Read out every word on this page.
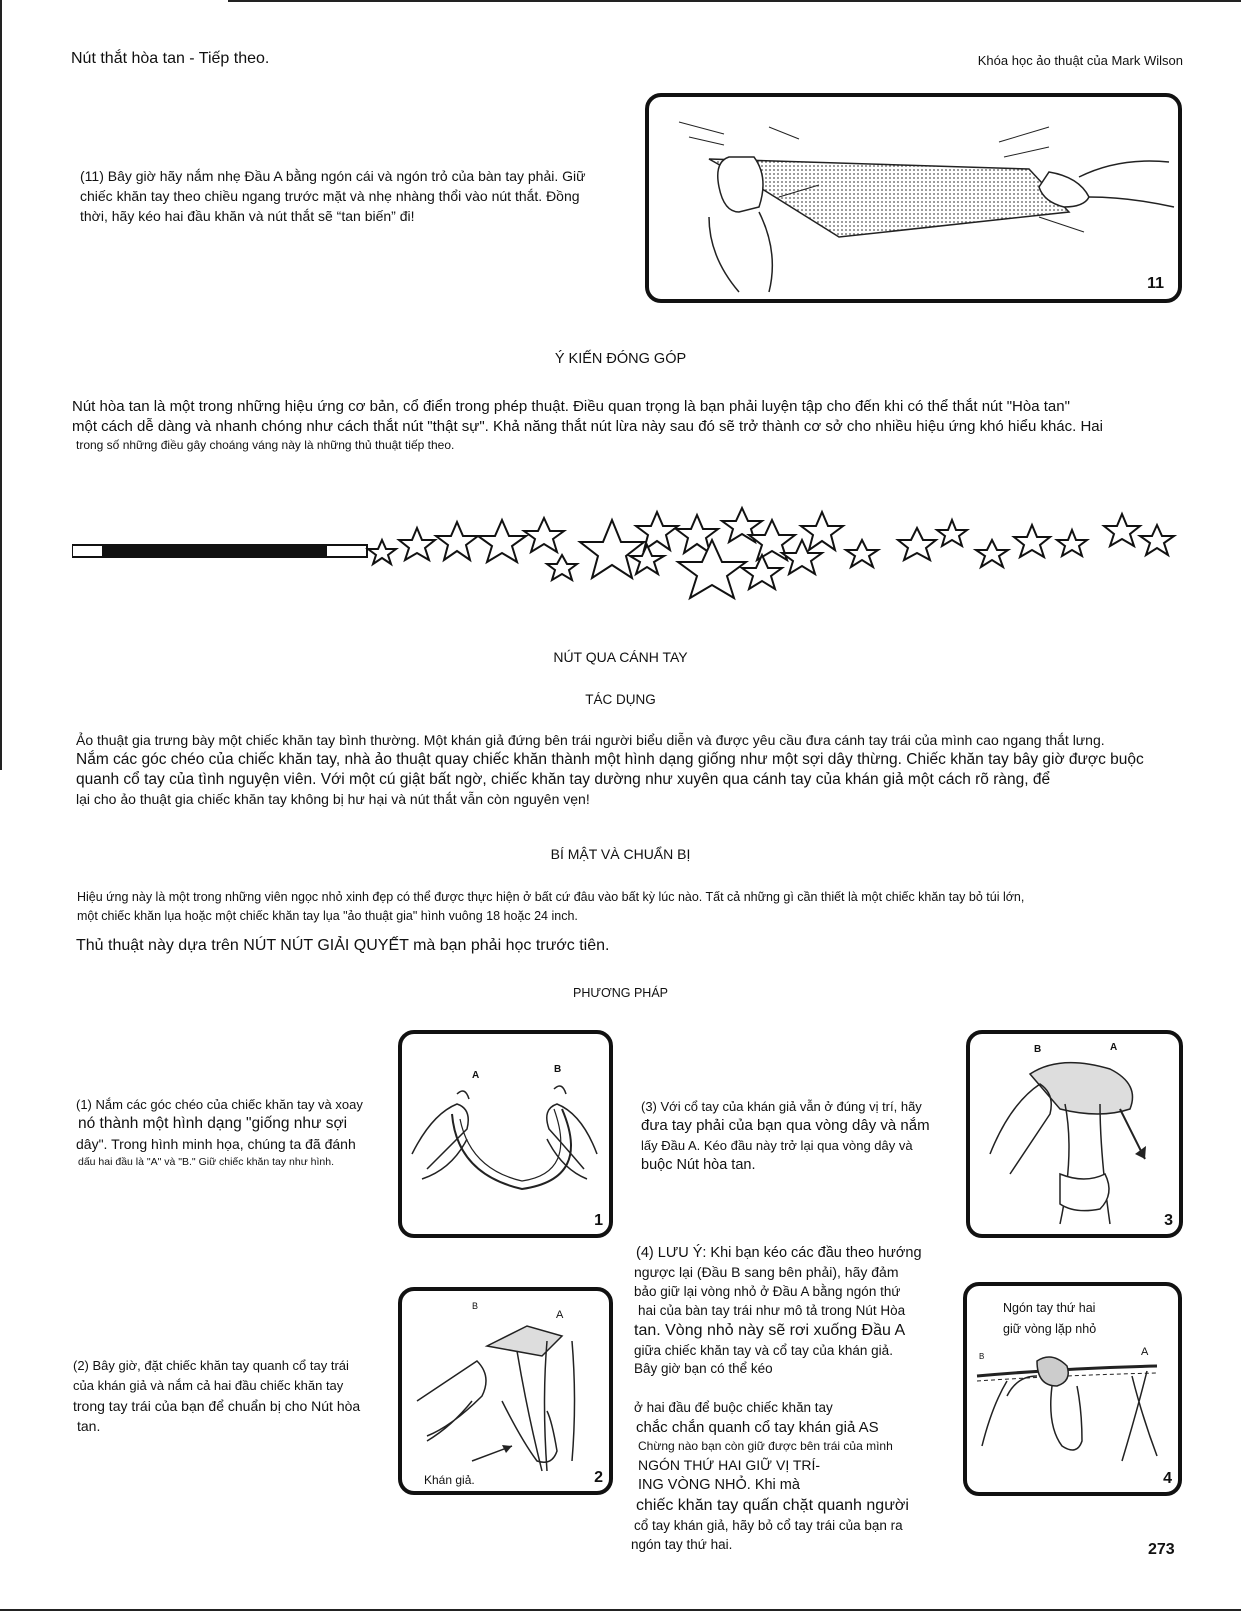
Nút thắt hòa tan - Tiếp theo.	Khóa học ảo thuật của Mark Wilson
(11) Bây giờ hãy nắm nhẹ Đầu A bằng ngón cái và ngón trỏ của bàn tay phải. Giữ chiếc khăn tay theo chiều ngang trước mặt và nhẹ nhàng thổi vào nút thắt. Đồng thời, hãy kéo hai đầu khăn và nút thắt sẽ “tan biến” đi!
11
Ý KIẾN ĐÓNG GÓP
Nút hòa tan là một trong những hiệu ứng cơ bản, cổ điển trong phép thuật. Điều quan trọng là bạn phải luyện tập cho đến khi có thể thắt nút "Hòa tan"
một cách dễ dàng và nhanh chóng như cách thắt nút "thật sự". Khả năng thắt nút lừa này sau đó sẽ trở thành cơ sở cho nhiều hiệu ứng khó hiểu khác. Hai
trong số những điều gây choáng váng này là những thủ thuật tiếp theo.
NÚT QUA CÁNH TAY
TÁC DỤNG
Ảo thuật gia trưng bày một chiếc khăn tay bình thường. Một khán giả đứng bên trái người biểu diễn và được yêu cầu đưa cánh tay trái của mình cao ngang thắt lưng.
Nắm các góc chéo của chiếc khăn tay, nhà ảo thuật quay chiếc khăn thành một hình dạng giống như một sợi dây thừng. Chiếc khăn tay bây giờ được buộc
quanh cổ tay của tình nguyện viên. Với một cú giật bất ngờ, chiếc khăn tay dường như xuyên qua cánh tay của khán giả một cách rõ ràng, để
lại cho ảo thuật gia chiếc khăn tay không bị hư hại và nút thắt vẫn còn nguyên vẹn!
BÍ MẬT VÀ CHUẨN BỊ
Hiệu ứng này là một trong những viên ngọc nhỏ xinh đẹp có thể được thực hiện ở bất cứ đâu vào bất kỳ lúc nào. Tất cả những gì cần thiết là một chiếc khăn tay bỏ túi lớn,
một chiếc khăn lụa hoặc một chiếc khăn tay lụa "ảo thuật gia" hình vuông 18 hoặc 24 inch.
Thủ thuật này dựa trên NÚT NÚT GIẢI QUYẾT mà bạn phải học trước tiên.
PHƯƠNG PHÁP
(1) Nắm các góc chéo của chiếc khăn tay và xoay
nó thành một hình dạng "giống như sợi
dây". Trong hình minh họa, chúng ta đã đánh
dấu hai đầu là "A" và "B." Giữ chiếc khăn tay như hình.
A
B
1
(2) Bây giờ, đặt chiếc khăn tay quanh cổ tay trái
của khán giả và nắm cả hai đầu chiếc khăn tay
trong tay trái của bạn để chuẩn bị cho Nút hòa
tan.
B
A
Khán giả.	2
(3) Với cổ tay của khán giả vẫn ở đúng vị trí, hãy
đưa tay phải của bạn qua vòng dây và nắm
lấy Đầu A. Kéo đầu này trở lại qua vòng dây và
buộc Nút hòa tan.
B	A
3
(4) LƯU Ý: Khi bạn kéo các đầu theo hướng
ngược lại (Đầu B sang bên phải), hãy đảm
bảo giữ lại vòng nhỏ ở Đầu A bằng ngón thứ
hai của bàn tay trái như mô tả trong Nút Hòa
tan. Vòng nhỏ này sẽ rơi xuống Đầu A
giữa chiếc khăn tay và cổ tay của khán giả.
Bây giờ bạn có thể kéo
ở hai đầu để buộc chiếc khăn tay
chắc chắn quanh cổ tay khán giả AS
Chừng nào bạn còn giữ được bên trái của mình
NGÓN THỨ HAI GIỮ VỊ TRÍ-
ING VÒNG NHỎ. Khi mà
chiếc khăn tay quấn chặt quanh người
cổ tay khán giả, hãy bỏ cổ tay trái của bạn ra
ngón tay thứ hai.
Ngón tay thứ hai
giữ vòng lặp nhỏ
B	A
4
273
